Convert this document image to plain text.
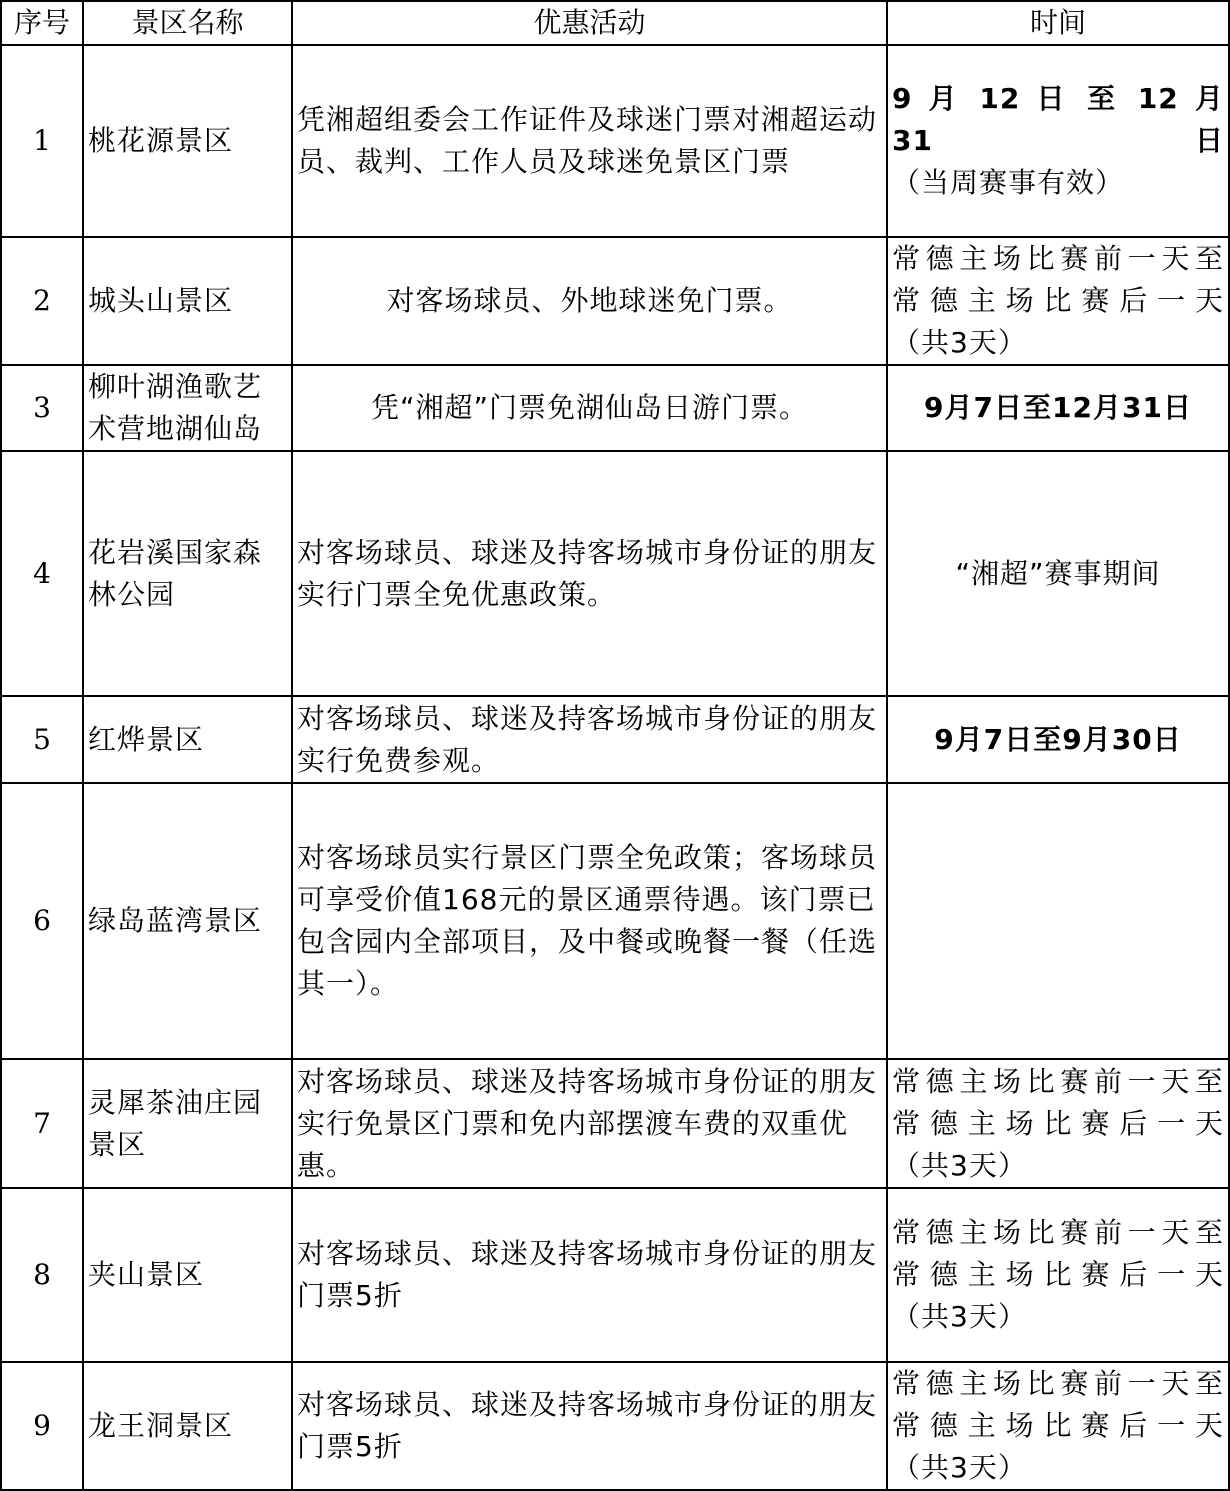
序号	景区名称	优惠活动	时间
1	桃花源景区	凭湘超组委会工作证件及球迷门票对湘超运动员、裁判、工作人员及球迷免景区门票	9 月 12 日 至 12 月 31 日
（当周赛事有效）
2	城头山景区	对客场球员、外地球迷免门票。	常德主场比赛前一天至
常德主场比赛后一天
（共3天）
3	柳叶湖渔歌艺术营地湖仙岛	凭“湘超”门票免湖仙岛日游门票。	9月7日至12月31日
4	花岩溪国家森林公园	对客场球员、球迷及持客场城市身份证的朋友实行门票全免优惠政策。	“湘超”赛事期间
5	红烨景区	对客场球员、球迷及持客场城市身份证的朋友实行免费参观。	9月7日至9月30日
6	绿岛蓝湾景区	对客场球员实行景区门票全免政策；客场球员可享受价值168元的景区通票待遇。该门票已包含园内全部项目，及中餐或晚餐一餐（任选其一）。	
7	灵犀茶油庄园景区	对客场球员、球迷及持客场城市身份证的朋友实行免景区门票和免内部摆渡车费的双重优惠。	常德主场比赛前一天至
常德主场比赛后一天
（共3天）
8	夹山景区	对客场球员、球迷及持客场城市身份证的朋友门票5折	常德主场比赛前一天至
常德主场比赛后一天
（共3天）
9	龙王洞景区	对客场球员、球迷及持客场城市身份证的朋友门票5折	常德主场比赛前一天至
常德主场比赛后一天
（共3天）
